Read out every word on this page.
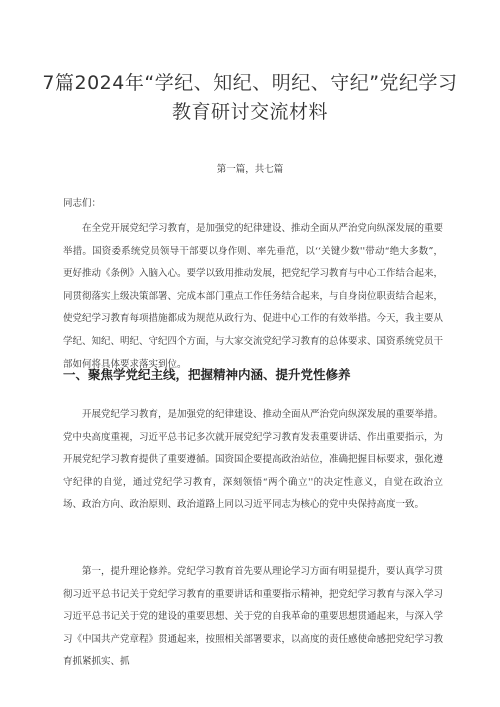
7篇2024年“学纪、知纪、明纪、守纪”党纪学习
教育研讨交流材料
第一篇，共七篇
同志们：

在全党开展党纪学习教育，是加强党的纪律建设、推动全面从严治党向纵深发展的重要举措。国资委系统党员领导干部要以身作则、率先垂范，以‘‘关键少数''带动“绝大多数”，更好推动《条例》入脑入心。要学以致用推动发展，把党纪学习教育与中心工作结合起来，同贯彻落实上级决策部署、完成本部门重点工作任务结合起来，与自身岗位职责结合起来，使党纪学习教育每项措施都成为规范从政行为、促进中心工作的有效举措。今天，我主要从学纪、知纪、明纪、守纪四个方面，与大家交流党纪学习教育的总体要求、国资系统党员干部如何将具体要求落实到位。

一、聚焦学党纪主线，把握精神内涵、提升党性修养

开展党纪学习教育，是加强党的纪律建设、推动全面从严治党向纵深发展的重要举措。党中央高度重视，习近平总书记多次就开展党纪学习教育发表重要讲话、作出重要指示，为开展党纪学习教育提供了重要遵循。国资国企要提高政治站位，准确把握目标要求，强化遵守纪律的自觉，通过党纪学习教育，深刻领悟“两个确立''的决定性意义，自觉在政治立场、政治方向、政治原则、政治道路上同以习近平同志为核心的党中央保持高度一致。

第一，提升理论修养。党纪学习教育首先要从理论学习方面有明显提升，要认真学习贯彻习近平总书记关于党纪学习教育的重要讲话和重要指示精神，把党纪学习教育与深入学习习近平总书记关于党的建设的重要思想、关于党的自我革命的重要思想贯通起来，与深入学习《中国共产党章程》贯通起来，按照相关部署要求，以高度的责任感使命感把党纪学习教育抓紧抓实、抓
